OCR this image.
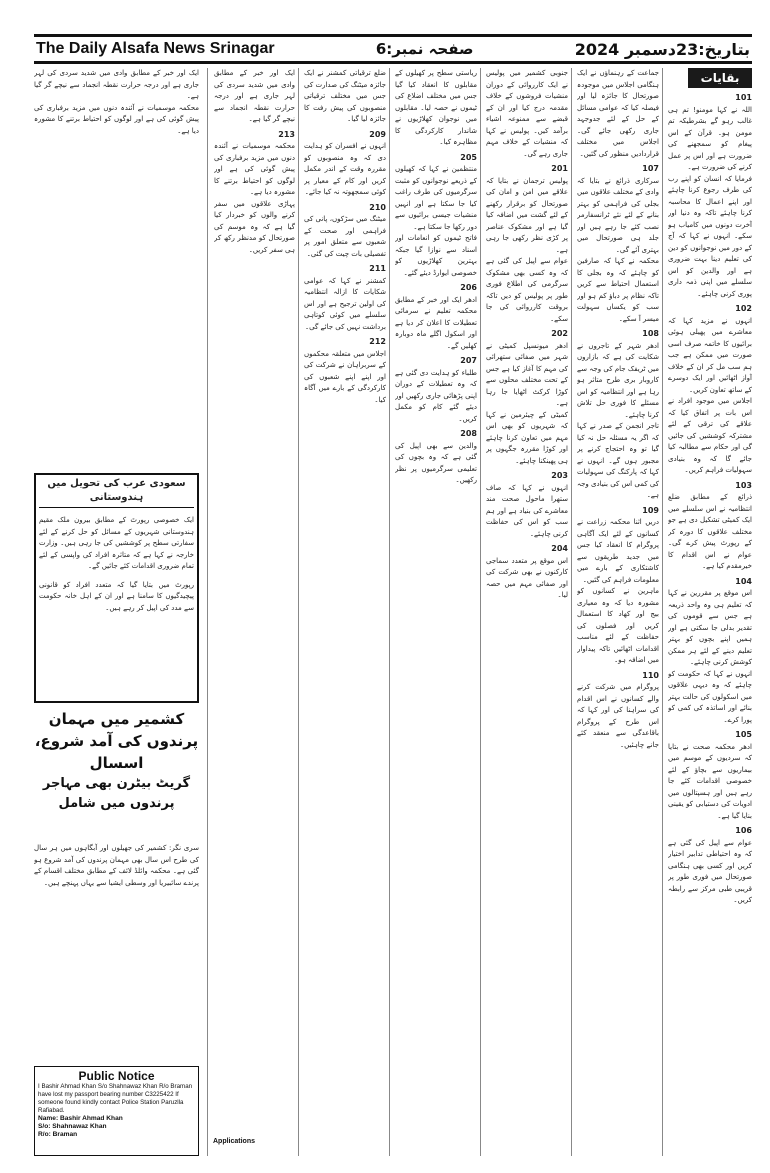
The Daily Alsafa News Srinagar	صفحہ نمبر:6	بتاریخ:23دسمبر 2024
بقایات
101

اللہ نے کہا مومنو! تم ہی غالب رہو گے بشرطیکہ تم مومن ہو۔ قرآن کے اس پیغام کو سمجھنے کی ضرورت ہے اور اس پر عمل کرنے کی ضرورت ہے۔

فرمایا کہ انسان کو اپنے رب کی طرف رجوع کرنا چاہئے اور اپنے اعمال کا محاسبہ کرنا چاہئے تاکہ وہ دنیا اور آخرت دونوں میں کامیاب ہو سکے۔ انہوں نے کہا کہ آج کے دور میں نوجوانوں کو دین کی تعلیم دینا بہت ضروری ہے اور والدین کو اس سلسلے میں اپنی ذمہ داری پوری کرنی چاہئے۔

102

انہوں نے مزید کہا کہ معاشرے میں پھیلی ہوئی برائیوں کا خاتمہ صرف اسی صورت میں ممکن ہے جب ہم سب مل کر ان کے خلاف آواز اٹھائیں اور ایک دوسرے کے ساتھ تعاون کریں۔

اجلاس میں موجود افراد نے اس بات پر اتفاق کیا کہ علاقے کی ترقی کے لئے مشترکہ کوششیں کی جائیں گی اور حکام سے مطالبہ کیا جائے گا کہ وہ بنیادی سہولیات فراہم کریں۔

103

ذرائع کے مطابق ضلع انتظامیہ نے اس سلسلے میں ایک کمیٹی تشکیل دی ہے جو مختلف علاقوں کا دورہ کر کے رپورٹ پیش کرے گی۔ عوام نے اس اقدام کا خیرمقدم کیا ہے۔

104

اس موقع پر مقررین نے کہا کہ تعلیم ہی وہ واحد ذریعہ ہے جس سے قوموں کی تقدیر بدلی جا سکتی ہے اور ہمیں اپنے بچوں کو بہتر تعلیم دینے کے لئے ہر ممکن کوشش کرنی چاہئے۔

انہوں نے کہا کہ حکومت کو چاہئے کہ وہ دیہی علاقوں میں اسکولوں کی حالت بہتر بنائے اور اساتذہ کی کمی کو پورا کرے۔

105

ادھر محکمہ صحت نے بتایا کہ سردیوں کے موسم میں بیماریوں سے بچاؤ کے لئے خصوصی اقدامات کئے جا رہے ہیں اور ہسپتالوں میں ادویات کی دستیابی کو یقینی بنایا گیا ہے۔

106

عوام سے اپیل کی گئی ہے کہ وہ احتیاطی تدابیر اختیار کریں اور کسی بھی ہنگامی صورتحال میں فوری طور پر قریبی طبی مرکز سے رابطہ کریں۔

جماعت کے رہنماؤں نے ایک ہنگامی اجلاس میں موجودہ صورتحال کا جائزہ لیا اور فیصلہ کیا کہ عوامی مسائل کے حل کے لئے جدوجہد جاری رکھی جائے گی۔ اجلاس میں مختلف قراردادیں منظور کی گئیں۔

107

سرکاری ذرائع نے بتایا کہ وادی کے مختلف علاقوں میں بجلی کی فراہمی کو بہتر بنانے کے لئے نئے ٹرانسفارمر نصب کئے جا رہے ہیں اور جلد ہی صورتحال میں بہتری آئے گی۔

محکمہ نے کہا کہ صارفین کو چاہئے کہ وہ بجلی کا استعمال احتیاط سے کریں تاکہ نظام پر دباؤ کم ہو اور سب کو یکساں سہولت میسر آ سکے۔

108

ادھر شہر کے تاجروں نے شکایت کی ہے کہ بازاروں میں ٹریفک جام کی وجہ سے کاروبار بری طرح متاثر ہو رہا ہے اور انتظامیہ کو اس مسئلے کا فوری حل تلاش کرنا چاہئے۔

تاجر انجمن کے صدر نے کہا کہ اگر یہ مسئلہ حل نہ کیا گیا تو وہ احتجاج کرنے پر مجبور ہوں گے۔ انہوں نے کہا کہ پارکنگ کی سہولیات کی کمی اس کی بنیادی وجہ ہے۔

109

دریں اثنا محکمہ زراعت نے کسانوں کے لئے ایک آگاہی پروگرام کا انعقاد کیا جس میں جدید طریقوں سے کاشتکاری کے بارے میں معلومات فراہم کی گئیں۔

ماہرین نے کسانوں کو مشورہ دیا کہ وہ معیاری بیج اور کھاد کا استعمال کریں اور فصلوں کی حفاظت کے لئے مناسب اقدامات اٹھائیں تاکہ پیداوار میں اضافہ ہو۔

110

پروگرام میں شرکت کرنے والے کسانوں نے اس اقدام کی سراہنا کی اور کہا کہ اس طرح کے پروگرام باقاعدگی سے منعقد کئے جانے چاہئیں۔

جنوبی کشمیر میں پولیس نے ایک کارروائی کے دوران منشیات فروشوں کے خلاف مقدمہ درج کیا اور ان کے قبضے سے ممنوعہ اشیاء برآمد کیں۔ پولیس نے کہا کہ منشیات کے خلاف مہم جاری رہے گی۔

201

پولیس ترجمان نے بتایا کہ علاقے میں امن و امان کی صورتحال کو برقرار رکھنے کے لئے گشت میں اضافہ کیا گیا ہے اور مشکوک عناصر پر کڑی نظر رکھی جا رہی ہے۔

عوام سے اپیل کی گئی ہے کہ وہ کسی بھی مشکوک سرگرمی کی اطلاع فوری طور پر پولیس کو دیں تاکہ بروقت کارروائی کی جا سکے۔

202

ادھر میونسپل کمیٹی نے شہر میں صفائی ستھرائی کی مہم کا آغاز کیا ہے جس کے تحت مختلف محلوں سے کوڑا کرکٹ اٹھایا جا رہا ہے۔

کمیٹی کے چیئرمین نے کہا کہ شہریوں کو بھی اس مہم میں تعاون کرنا چاہئے اور کوڑا مقررہ جگہوں پر ہی پھینکنا چاہئے۔

203

انہوں نے کہا کہ صاف ستھرا ماحول صحت مند معاشرے کی بنیاد ہے اور ہم سب کو اس کی حفاظت کرنی چاہئے۔

204

اس موقع پر متعدد سماجی کارکنوں نے بھی شرکت کی اور صفائی مہم میں حصہ لیا۔

ریاستی سطح پر کھیلوں کے مقابلوں کا انعقاد کیا گیا جس میں مختلف اضلاع کی ٹیموں نے حصہ لیا۔ مقابلوں میں نوجوان کھلاڑیوں نے شاندار کارکردگی کا مظاہرہ کیا۔

205

منتظمین نے کہا کہ کھیلوں کے ذریعے نوجوانوں کو مثبت سرگرمیوں کی طرف راغب کیا جا سکتا ہے اور انہیں منشیات جیسی برائیوں سے دور رکھا جا سکتا ہے۔

فاتح ٹیموں کو انعامات اور اسناد سے نوازا گیا جبکہ بہترین کھلاڑیوں کو خصوصی ایوارڈ دیئے گئے۔

206

ادھر ایک اور خبر کے مطابق محکمہ تعلیم نے سرمائی تعطیلات کا اعلان کر دیا ہے اور اسکول اگلے ماہ دوبارہ کھلیں گے۔

207

طلباء کو ہدایت دی گئی ہے کہ وہ تعطیلات کے دوران اپنی پڑھائی جاری رکھیں اور دیئے گئے کام کو مکمل کریں۔

208

والدین سے بھی اپیل کی گئی ہے کہ وہ بچوں کی تعلیمی سرگرمیوں پر نظر رکھیں۔

ضلع ترقیاتی کمشنر نے ایک جائزہ میٹنگ کی صدارت کی جس میں مختلف ترقیاتی منصوبوں کی پیش رفت کا جائزہ لیا گیا۔

209

انہوں نے افسران کو ہدایت دی کہ وہ منصوبوں کو مقررہ وقت کے اندر مکمل کریں اور کام کے معیار پر کوئی سمجھوتہ نہ کیا جائے۔

210

میٹنگ میں سڑکوں، پانی کی فراہمی اور صحت کے شعبوں سے متعلق امور پر تفصیلی بات چیت کی گئی۔

211

کمشنر نے کہا کہ عوامی شکایات کا ازالہ انتظامیہ کی اولین ترجیح ہے اور اس سلسلے میں کوئی کوتاہی برداشت نہیں کی جائے گی۔

212

اجلاس میں متعلقہ محکموں کے سربراہان نے شرکت کی اور اپنے اپنے شعبوں کی کارکردگی کے بارے میں آگاہ کیا۔

ایک اور خبر کے مطابق وادی میں شدید سردی کی لہر جاری ہے اور درجہ حرارت نقطہ انجماد سے نیچے گر گیا ہے۔

213

محکمہ موسمیات نے آئندہ دنوں میں مزید برفباری کی پیش گوئی کی ہے اور لوگوں کو احتیاط برتنے کا مشورہ دیا ہے۔

پہاڑی علاقوں میں سفر کرنے والوں کو خبردار کیا گیا ہے کہ وہ موسم کی صورتحال کو مدنظر رکھ کر ہی سفر کریں۔

ایک اور خبر کے مطابق وادی میں شدید سردی کی لہر جاری ہے اور درجہ حرارت نقطہ انجماد سے نیچے گر گیا ہے۔

محکمہ موسمیات نے آئندہ دنوں میں مزید برفباری کی پیش گوئی کی ہے اور لوگوں کو احتیاط برتنے کا مشورہ دیا ہے۔

سعودی عرب کی تحویل میں ہندوستانی

ایک خصوصی رپورٹ کے مطابق بیرون ملک مقیم ہندوستانی شہریوں کے مسائل کو حل کرنے کے لئے سفارتی سطح پر کوششیں کی جا رہی ہیں۔ وزارت خارجہ نے کہا ہے کہ متاثرہ افراد کی واپسی کے لئے تمام ضروری اقدامات کئے جائیں گے۔

رپورٹ میں بتایا گیا کہ متعدد افراد کو قانونی پیچیدگیوں کا سامنا ہے اور ان کے اہل خانہ حکومت سے مدد کی اپیل کر رہے ہیں۔

کشمیر میں مہمان پرندوں کی آمد شروع، اسسال
گریٹ بیٹرن بھی مہاجر پرندوں میں شامل

سری نگر: کشمیر کی جھیلوں اور آبگاہوں میں ہر سال کی طرح اس سال بھی مہمان پرندوں کی آمد شروع ہو گئی ہے۔ محکمہ وائلڈ لائف کے مطابق مختلف اقسام کے پرندے سائبیریا اور وسطی ایشیا سے یہاں پہنچے ہیں۔

Public Notice

I Bashir Ahmad Khan S/o Shahnawaz Khan R/o Braman have lost my passport bearing number C3225422 If someone found kindly contact Police Station Paruzlla Rafiabad.

Name: Bashir Ahmad Khan

S/o: Shahnawaz Khan

R/o: Braman

Applications
